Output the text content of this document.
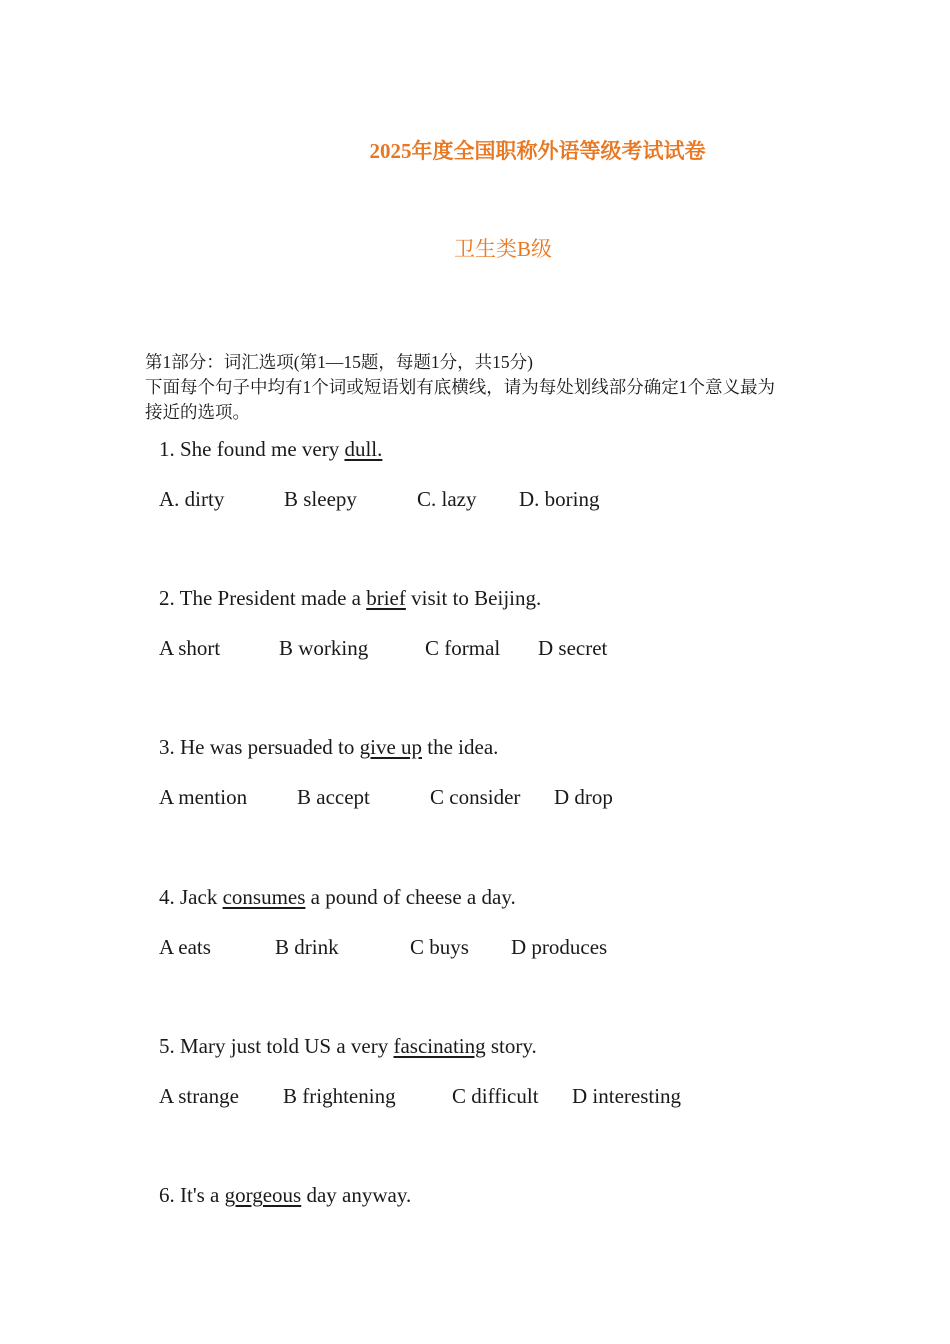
2025年度全国职称外语等级考试试卷
卫生类B级
第1部分：词汇选项(第1—15题，每题1分，共15分)
下面每个句子中均有1个词或短语划有底横线，请为每处划线部分确定1个意义最为
接近的选项。
1. She found me very dull.
A. dirty	B sleepy	C. lazy D. boring
2. The President made a brief visit to Beijing.
A short	B working	C formal D secret
3. He was persuaded to give up the idea.
A mention B accept	C consider D drop
4. Jack consumes a pound of cheese a day.
A eats	B drink	C buys D produces
5. Mary just told US a very fascinating story.
A strange B frightening	C difficult D interesting
6. It's a gorgeous day anyway.
